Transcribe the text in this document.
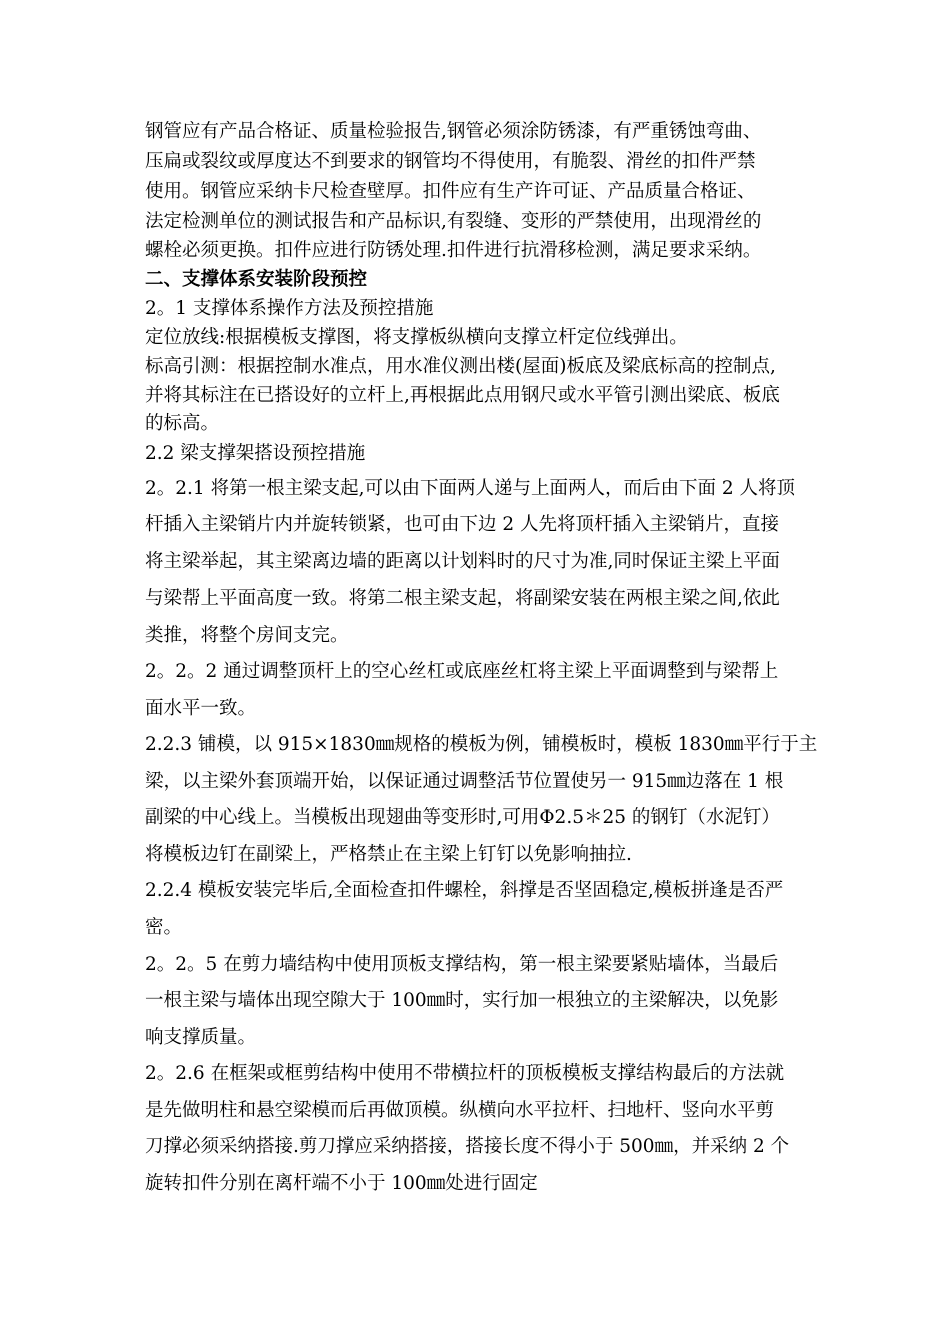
钢管应有产品合格证、质量检验报告,钢管必须涂防锈漆，有严重锈蚀弯曲、
压扁或裂纹或厚度达不到要求的钢管均不得使用，有脆裂、滑丝的扣件严禁
使用。钢管应采纳卡尺检查壁厚。扣件应有生产许可证、产品质量合格证、
法定检测单位的测试报告和产品标识,有裂缝、变形的严禁使用，出现滑丝的
螺栓必须更换。扣件应进行防锈处理.扣件进行抗滑移检测，满足要求采纳。
二、支撑体系安装阶段预控
2。1 支撑体系操作方法及预控措施
定位放线:根据模板支撑图，将支撑板纵横向支撑立杆定位线弹出。
标高引测：根据控制水准点，用水准仪测出楼(屋面)板底及梁底标高的控制点,
并将其标注在已搭设好的立杆上,再根据此点用钢尺或水平管引测出梁底、板底
的标高。
2.2 梁支撑架搭设预控措施
2。2.1 将第一根主梁支起,可以由下面两人递与上面两人，而后由下面 2 人将顶
杆插入主梁销片内并旋转锁紧，也可由下边 2 人先将顶杆插入主梁销片，直接
将主梁举起，其主梁离边墙的距离以计划料时的尺寸为准,同时保证主梁上平面
与梁帮上平面高度一致。将第二根主梁支起，将副梁安装在两根主梁之间,依此
类推，将整个房间支完。
2。2。2 通过调整顶杆上的空心丝杠或底座丝杠将主梁上平面调整到与梁帮上
面水平一致。
2.2.3 铺模，以 915×1830㎜规格的模板为例，铺模板时，模板 1830㎜平行于主
梁，以主梁外套顶端开始，以保证通过调整活节位置使另一 915㎜边落在 1 根
副梁的中心线上。当模板出现翅曲等变形时,可用Φ2.5＊25 的钢钉（水泥钉）
将模板边钉在副梁上，严格禁止在主梁上钉钉以免影响抽拉.
2.2.4 模板安装完毕后,全面检查扣件螺栓，斜撑是否坚固稳定,模板拼逢是否严
密。
2。2。5 在剪力墙结构中使用顶板支撑结构，第一根主梁要紧贴墙体，当最后
一根主梁与墙体出现空隙大于 100㎜时，实行加一根独立的主梁解决，以免影
响支撑质量。
2。2.6 在框架或框剪结构中使用不带横拉杆的顶板模板支撑结构最后的方法就
是先做明柱和悬空梁模而后再做顶模。纵横向水平拉杆、扫地杆、竖向水平剪
刀撑必须采纳搭接.剪刀撑应采纳搭接，搭接长度不得小于 500㎜，并采纳 2 个
旋转扣件分别在离杆端不小于 100㎜处进行固定
